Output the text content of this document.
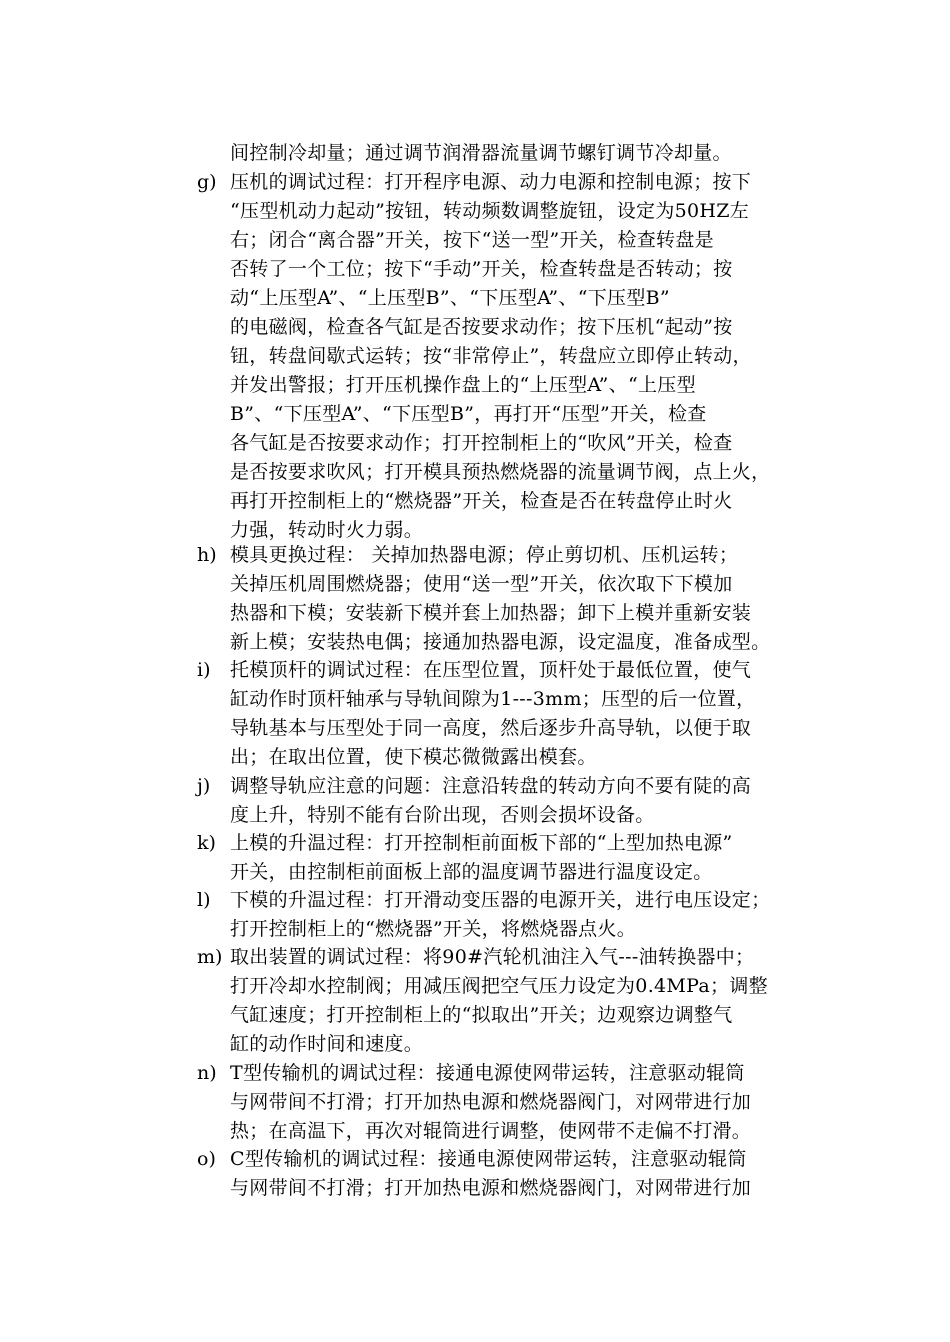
间控制冷却量；通过调节润滑器流量调节螺钉调节冷却量。
g) 压机的调试过程：打开程序电源、动力电源和控制电源；按下
“压型机动力起动”按钮，转动频数调整旋钮，设定为50HZ左
右；闭合“离合器”开关，按下“送一型”开关，检查转盘是
否转了一个工位；按下“手动”开关，检查转盘是否转动；按
动“上压型A”、“上压型B”、“下压型A”、“下压型B”
的电磁阀，检查各气缸是否按要求动作；按下压机“起动”按
钮，转盘间歇式运转；按“非常停止”，转盘应立即停止转动，
并发出警报；打开压机操作盘上的“上压型A”、“上压型
B”、“下压型A”、“下压型B”，再打开“压型”开关，检查
各气缸是否按要求动作；打开控制柜上的“吹风”开关，检查
是否按要求吹风；打开模具预热燃烧器的流量调节阀，点上火，
再打开控制柜上的“燃烧器”开关，检查是否在转盘停止时火
力强，转动时火力弱。
h) 模具更换过程： 关掉加热器电源；停止剪切机、压机运转；
关掉压机周围燃烧器；使用“送一型”开关，依次取下下模加
热器和下模；安装新下模并套上加热器；卸下上模并重新安装
新上模；安装热电偶；接通加热器电源，设定温度，准备成型。
i) 托模顶杆的调试过程：在压型位置，顶杆处于最低位置，使气
缸动作时顶杆轴承与导轨间隙为1---3mm；压型的后一位置，
导轨基本与压型处于同一高度，然后逐步升高导轨，以便于取
出；在取出位置，使下模芯微微露出模套。
j) 调整导轨应注意的问题：注意沿转盘的转动方向不要有陡的高
度上升，特别不能有台阶出现，否则会损坏设备。
k) 上模的升温过程：打开控制柜前面板下部的“上型加热电源”
开关，由控制柜前面板上部的温度调节器进行温度设定。
l) 下模的升温过程：打开滑动变压器的电源开关，进行电压设定；
打开控制柜上的“燃烧器”开关，将燃烧器点火。
m) 取出装置的调试过程：将90#汽轮机油注入气---油转换器中；
打开冷却水控制阀；用减压阀把空气压力设定为0.4MPa；调整
气缸速度；打开控制柜上的“拟取出”开关；边观察边调整气
缸的动作时间和速度。
n) T型传输机的调试过程：接通电源使网带运转，注意驱动辊筒
与网带间不打滑；打开加热电源和燃烧器阀门，对网带进行加
热；在高温下，再次对辊筒进行调整，使网带不走偏不打滑。
o) C型传输机的调试过程：接通电源使网带运转，注意驱动辊筒
与网带间不打滑；打开加热电源和燃烧器阀门，对网带进行加
